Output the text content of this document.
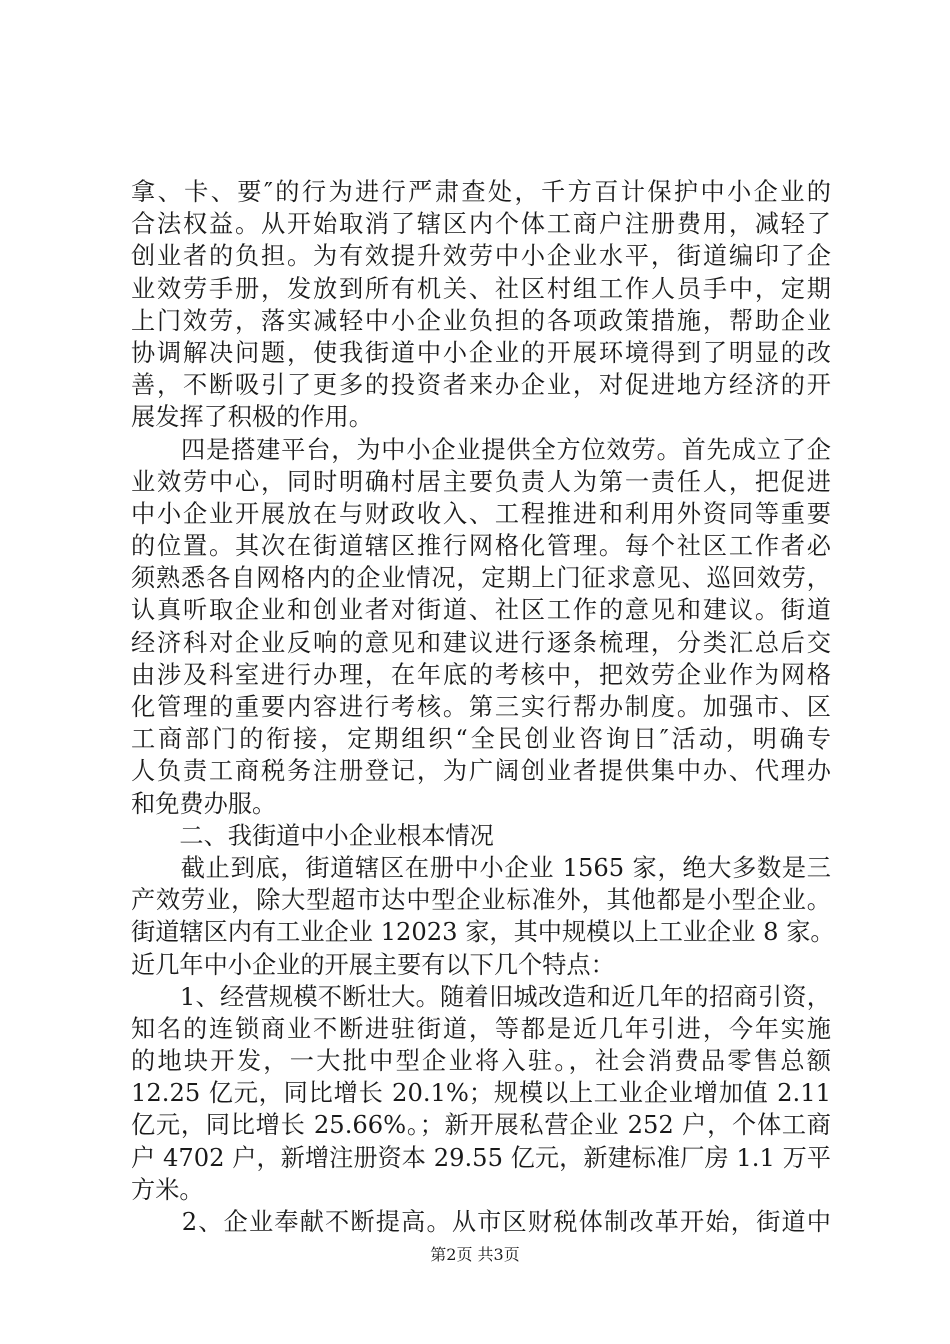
拿、卡、要″的行为进行严肃查处，千方百计保护中小企业的
合法权益。从开始取消了辖区内个体工商户注册费用，减轻了
创业者的负担。为有效提升效劳中小企业水平，街道编印了企
业效劳手册，发放到所有机关、社区村组工作人员手中，定期
上门效劳，落实减轻中小企业负担的各项政策措施，帮助企业
协调解决问题，使我街道中小企业的开展环境得到了明显的改
善，不断吸引了更多的投资者来办企业，对促进地方经济的开
展发挥了积极的作用。
　　四是搭建平台，为中小企业提供全方位效劳。首先成立了企
业效劳中心，同时明确村居主要负责人为第一责任人，把促进
中小企业开展放在与财政收入、工程推进和利用外资同等重要
的位置。其次在街道辖区推行网格化管理。每个社区工作者必
须熟悉各自网格内的企业情况，定期上门征求意见、巡回效劳，
认真听取企业和创业者对街道、社区工作的意见和建议。街道
经济科对企业反响的意见和建议进行逐条梳理，分类汇总后交
由涉及科室进行办理，在年底的考核中，把效劳企业作为网格
化管理的重要内容进行考核。第三实行帮办制度。加强市、区
工商部门的衔接，定期组织“全民创业咨询日″活动，明确专
人负责工商税务注册登记，为广阔创业者提供集中办、代理办
和免费办服。
　　二、我街道中小企业根本情况
　　截止到底，街道辖区在册中小企业 1565 家，绝大多数是三
产效劳业，除大型超市达中型企业标准外，其他都是小型企业。
街道辖区内有工业企业 12023 家，其中规模以上工业企业 8 家。
近几年中小企业的开展主要有以下几个特点：
　　1、经营规模不断壮大。随着旧城改造和近几年的招商引资，
知名的连锁商业不断进驻街道，等都是近几年引进，今年实施
的地块开发，一大批中型企业将入驻。，社会消费品零售总额
12.25 亿元，同比增长 20.1%；规模以上工业企业增加值 2.11
亿元，同比增长 25.66%。；新开展私营企业 252 户，个体工商
户 4702 户，新增注册资本 29.55 亿元，新建标准厂房 1.1 万平
方米。
　　2、企业奉献不断提高。从市区财税体制改革开始，街道中
第2页 共3页
